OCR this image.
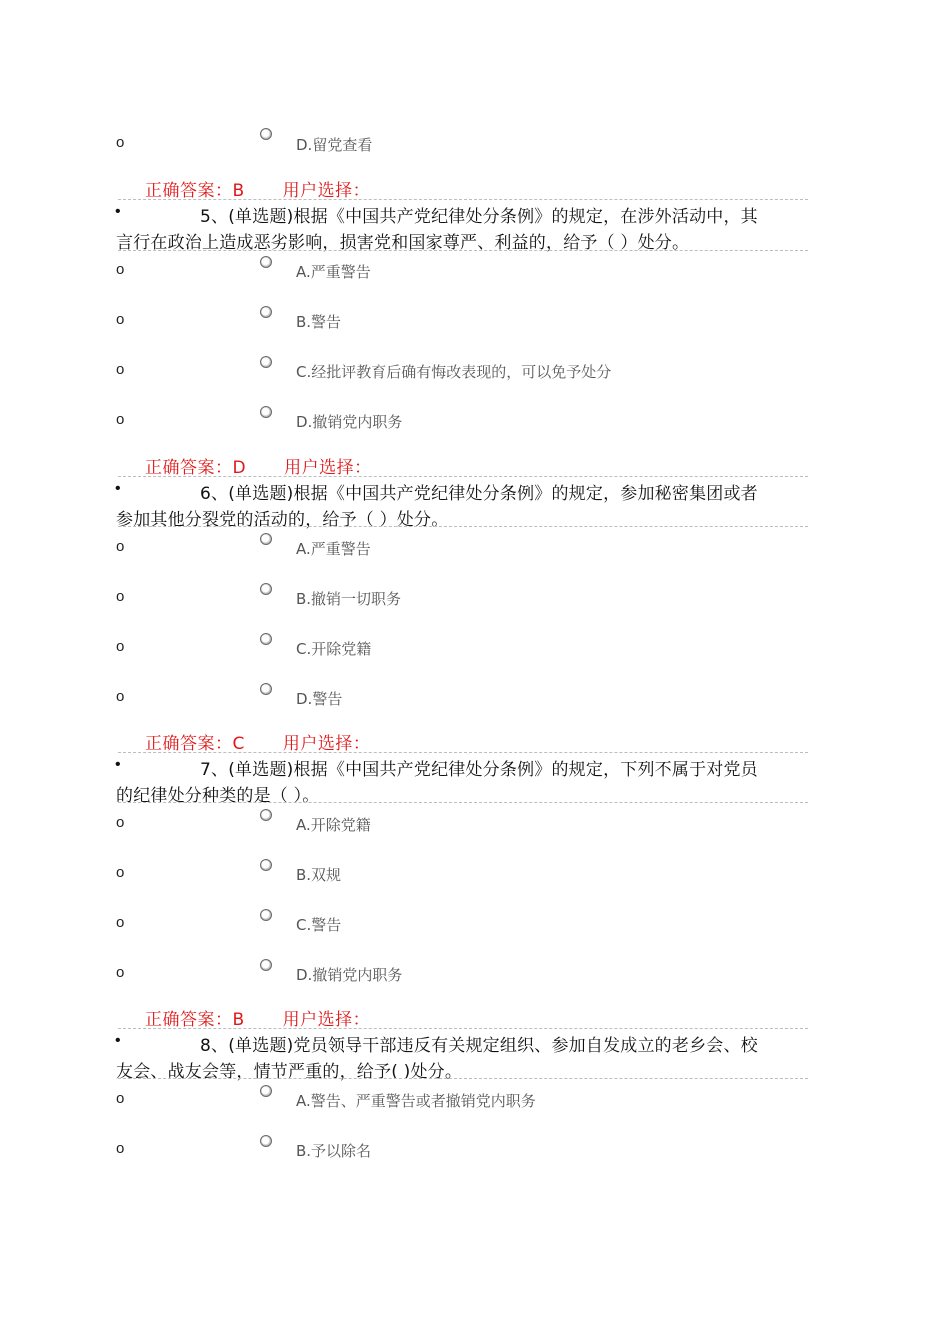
o	D.留党查看
正确答案：B 用户选择：
•	5、(单选题)根据《中国共产党纪律处分条例》的规定，在涉外活动中，其
言行在政治上造成恶劣影响，损害党和国家尊严、利益的，给予（ ）处分。
o	A.严重警告
o	B.警告
o	C.经批评教育后确有悔改表现的，可以免予处分
o	D.撤销党内职务
正确答案：D 用户选择：
•	6、(单选题)根据《中国共产党纪律处分条例》的规定，参加秘密集团或者
参加其他分裂党的活动的，给予（ ）处分。
o	A.严重警告
o	B.撤销一切职务
o	C.开除党籍
o	D.警告
正确答案：C 用户选择：
•	7、(单选题)根据《中国共产党纪律处分条例》的规定，下列不属于对党员
的纪律处分种类的是（ ）。
o	A.开除党籍
o	B.双规
o	C.警告
o	D.撤销党内职务
正确答案：B 用户选择：
•	8、(单选题)党员领导干部违反有关规定组织、参加自发成立的老乡会、校
友会、战友会等，情节严重的，给予( )处分。
o	A.警告、严重警告或者撤销党内职务
o	B.予以除名
